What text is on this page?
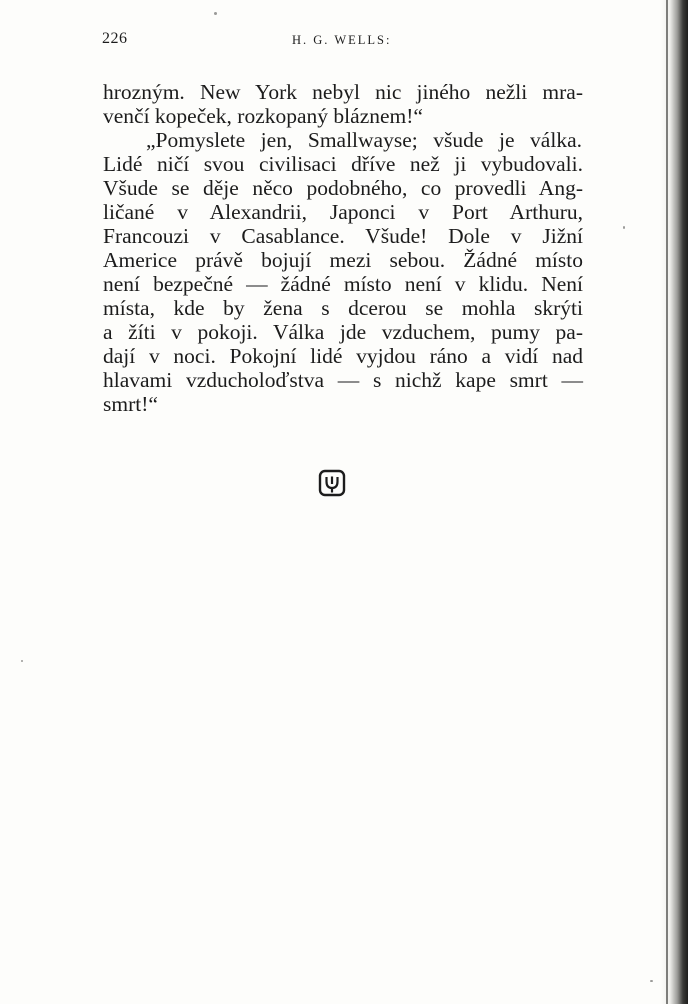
226	H. G. WELLS:
hrozným. New York nebyl nic jiného nežli mra-
venčí kopeček, rozkopaný bláznem!“
„Pomyslete jen, Smallwayse; všude je válka.
Lidé ničí svou civilisaci dříve než ji vybudovali.
Všude se děje něco podobného, co provedli Ang-
ličané v Alexandrii, Japonci v Port Arthuru,
Francouzi v Casablance. Všude! Dole v Jižní
Americe právě bojují mezi sebou. Žádné místo
není bezpečné — žádné místo není v klidu. Není
místa, kde by žena s dcerou se mohla skrýti
a žíti v pokoji. Válka jde vzduchem, pumy pa-
dají v noci. Pokojní lidé vyjdou ráno a vidí nad
hlavami vzducholoďstva — s nichž kape smrt —
smrt!“
